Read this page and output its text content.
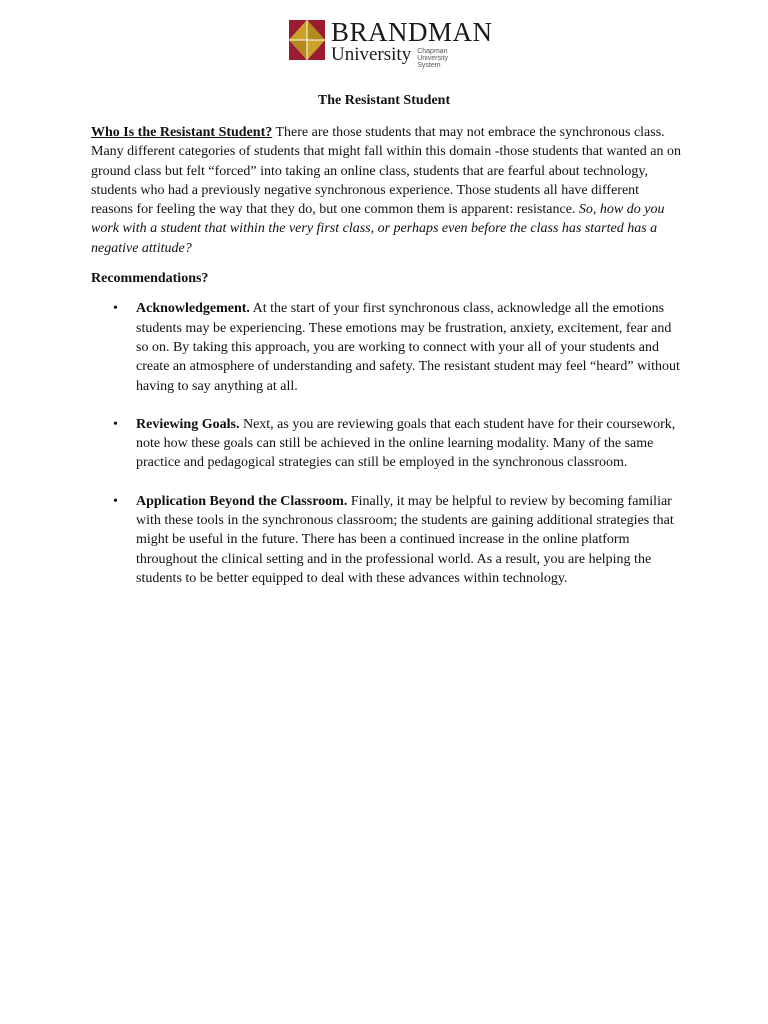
BRANDMAN
University Chapman University System
The Resistant Student

Who Is the Resistant Student? There are those students that may not embrace the synchronous class. Many different categories of students that might fall within this domain -those students that wanted an on ground class but felt “forced” into taking an online class, students that are fearful about technology, students who had a previously negative synchronous experience. Those students all have different reasons for feeling the way that they do, but one common them is apparent: resistance. So, how do you work with a student that within the very first class, or perhaps even before the class has started has a negative attitude?

Recommendations?

• Acknowledgement. At the start of your first synchronous class, acknowledge all the emotions students may be experiencing. These emotions may be frustration, anxiety, excitement, fear and so on. By taking this approach, you are working to connect with your all of your students and create an atmosphere of understanding and safety. The resistant student may feel “heard” without having to say anything at all.
• Reviewing Goals. Next, as you are reviewing goals that each student have for their coursework, note how these goals can still be achieved in the online learning modality. Many of the same practice and pedagogical strategies can still be employed in the synchronous classroom.
• Application Beyond the Classroom. Finally, it may be helpful to review by becoming familiar with these tools in the synchronous classroom; the students are gaining additional strategies that might be useful in the future. There has been a continued increase in the online platform throughout the clinical setting and in the professional world. As a result, you are helping the students to be better equipped to deal with these advances within technology.
